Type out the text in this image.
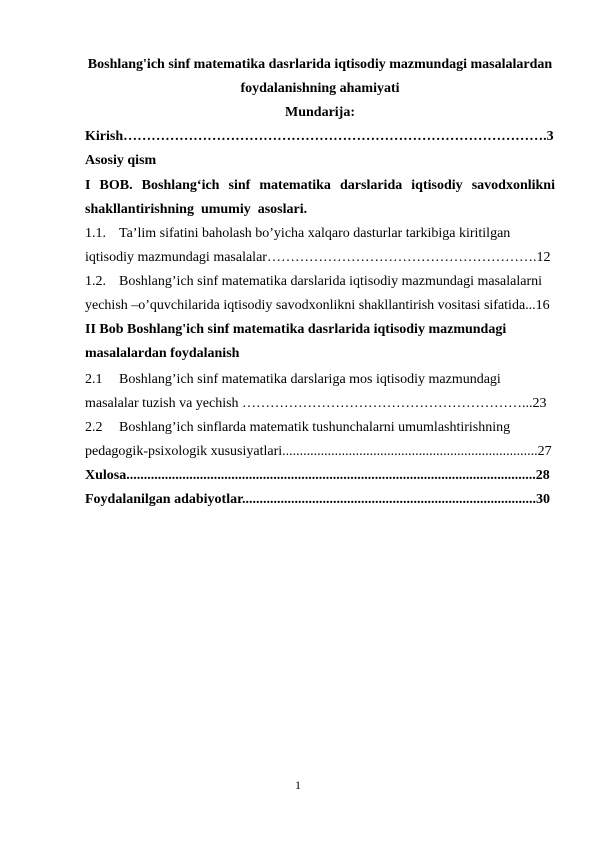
Boshlang'ich sinf matematika dasrlarida iqtisodiy mazmundagi masalalardan
foydalanishning ahamiyati
Mundarija:
Kirish……………………………………………………………………………….3
Asosiy qism
I BOB. Boshlang‘ich sinf matematika darslarida iqtisodiy savodxonlikni
shakllantirishning  umumiy  asoslari.
1.1. Ta’lim sifatini baholash bo’yicha xalqaro dasturlar tarkibiga kiritilgan
iqtisodiy mazmundagi masalalar………………………………………………….12
1.2. Boshlang’ich sinf matematika darslarida iqtisodiy mazmundagi masalalarni
yechish –o’quvchilarida iqtisodiy savodxonlikni shakllantirish vositasi sifatida...16
II Bob Boshlang'ich sinf matematika dasrlarida iqtisodiy mazmundagi
masalalardan foydalanish
2.1 Boshlang’ich sinf matematika darslariga mos iqtisodiy mazmundagi
masalalar tuzish va yechish ……………………………………………………...23
2.2 Boshlang’ich sinflarda matematik tushunchalarni umumlashtirishning
pedagogik-psixologik xususiyatlari.........................................................................27
Xulosa.....................................................................................................................28
Foydalanilgan adabiyotlar....................................................................................30
1
